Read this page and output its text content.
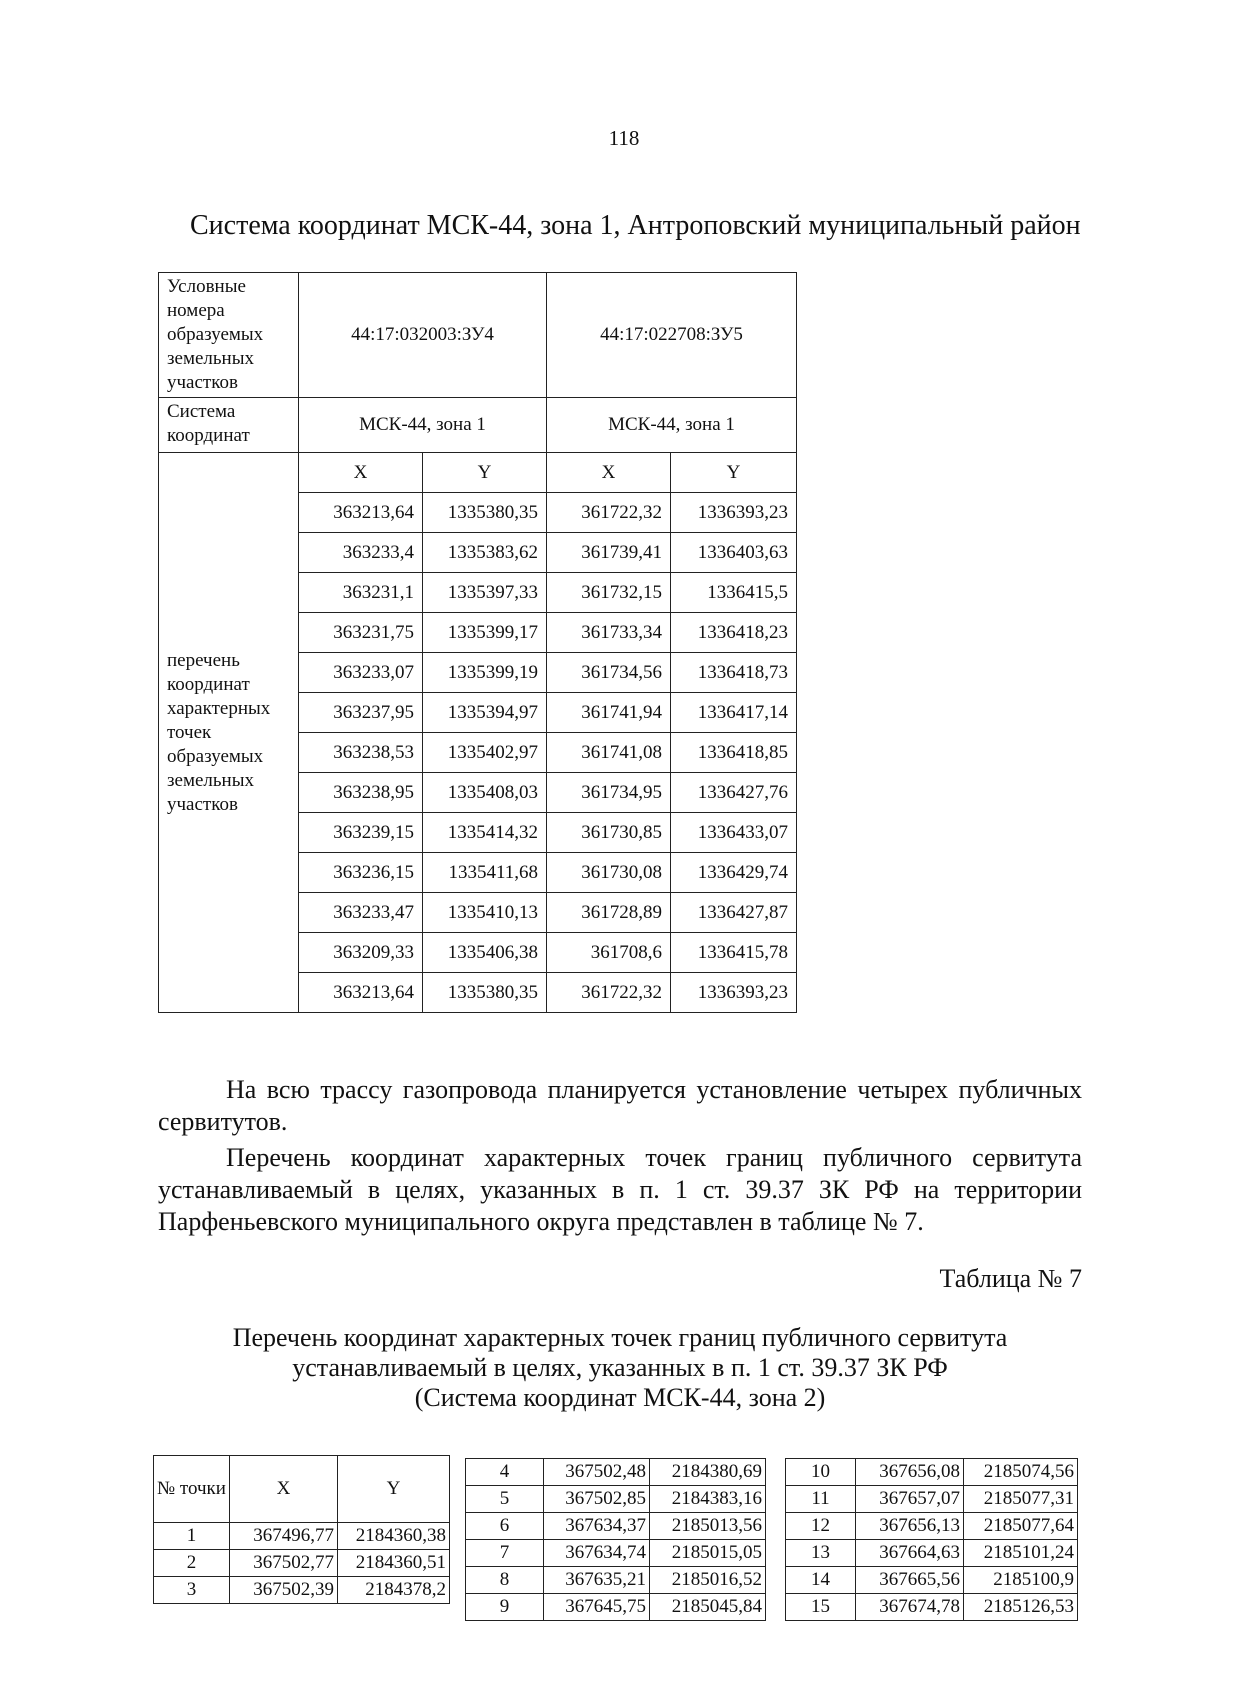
118
Система координат МСК-44, зона 1, Антроповский муниципальный район
Условные номера образуемых земельных участков	44:17:032003:ЗУ4		44:17:022708:ЗУ5	
Система координат	МСК-44, зона 1		МСК-44, зона 1	
перечень координат характерных точек образуемых земельных участков	X	Y	X	Y
	363213,64	1335380,35	361722,32	1336393,23
	363233,4	1335383,62	361739,41	1336403,63
	363231,1	1335397,33	361732,15	1336415,5
	363231,75	1335399,17	361733,34	1336418,23
	363233,07	1335399,19	361734,56	1336418,73
	363237,95	1335394,97	361741,94	1336417,14
	363238,53	1335402,97	361741,08	1336418,85
	363238,95	1335408,03	361734,95	1336427,76
	363239,15	1335414,32	361730,85	1336433,07
	363236,15	1335411,68	361730,08	1336429,74
	363233,47	1335410,13	361728,89	1336427,87
	363209,33	1335406,38	361708,6	1336415,78
	363213,64	1335380,35	361722,32	1336393,23

На всю трассу газопровода планируется установление четырех публичных сервитутов.

Перечень координат характерных точек границ публичного сервитута устанавливаемый в целях, указанных в п. 1 ст. 39.37 ЗК РФ на территории Парфеньевского муниципального округа представлен в таблице № 7.

Таблица № 7
Перечень координат характерных точек границ публичного сервитута
устанавливаемый в целях, указанных в п. 1 ст. 39.37 ЗК РФ
(Система координат МСК-44, зона 2)
№ точки	X	Y
1	367496,77	2184360,38
2	367502,77	2184360,51
3	367502,39	2184378,2
4	367502,48	2184380,69
5	367502,85	2184383,16
6	367634,37	2185013,56
7	367634,74	2185015,05
8	367635,21	2185016,52
9	367645,75	2185045,84
10	367656,08	2185074,56
11	367657,07	2185077,31
12	367656,13	2185077,64
13	367664,63	2185101,24
14	367665,56	2185100,9
15	367674,78	2185126,53
